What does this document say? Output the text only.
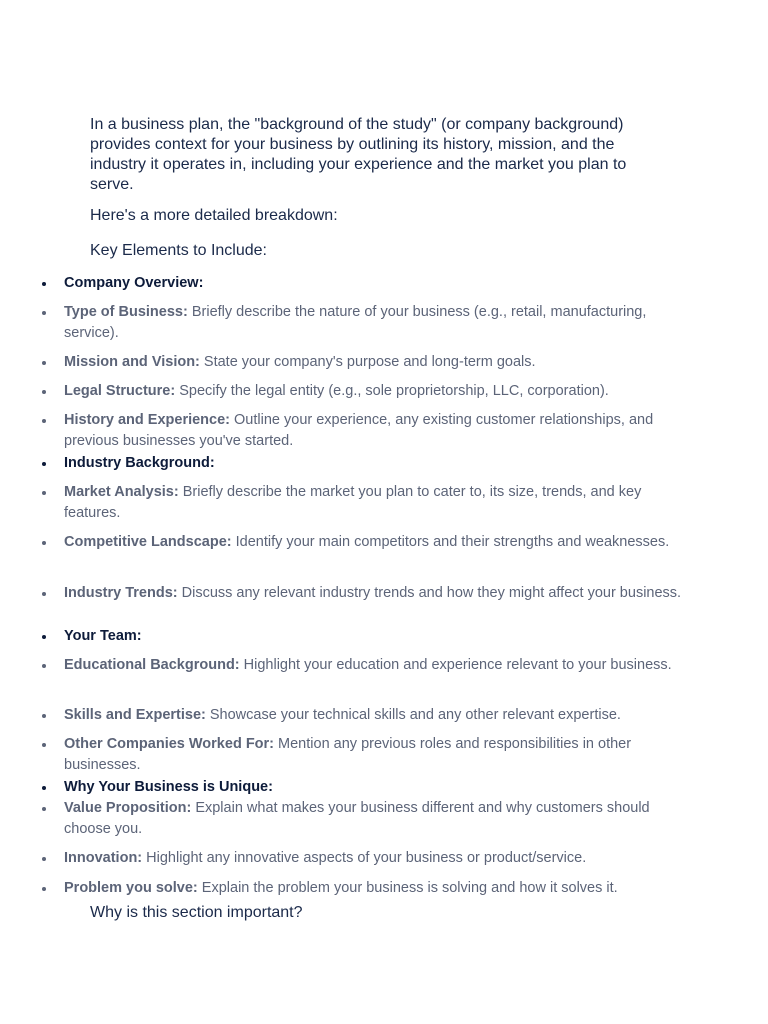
In a business plan, the "background of the study" (or company background) provides context for your business by outlining its history, mission, and the industry it operates in, including your experience and the market you plan to serve.

Here's a more detailed breakdown:

Key Elements to Include:

Company Overview:
Type of Business: Briefly describe the nature of your business (e.g., retail, manufacturing, service).
Mission and Vision: State your company's purpose and long-term goals.
Legal Structure: Specify the legal entity (e.g., sole proprietorship, LLC, corporation).
History and Experience: Outline your experience, any existing customer relationships, and previous businesses you've started.
Industry Background:
Market Analysis: Briefly describe the market you plan to cater to, its size, trends, and key features.
Competitive Landscape: Identify your main competitors and their strengths and weaknesses.
Industry Trends: Discuss any relevant industry trends and how they might affect your business.
Your Team:
Educational Background: Highlight your education and experience relevant to your business.
Skills and Expertise: Showcase your technical skills and any other relevant expertise.
Other Companies Worked For: Mention any previous roles and responsibilities in other businesses.
Why Your Business is Unique:
Value Proposition: Explain what makes your business different and why customers should choose you.
Innovation: Highlight any innovative aspects of your business or product/service.
Problem you solve: Explain the problem your business is solving and how it solves it.

Why is this section important?
